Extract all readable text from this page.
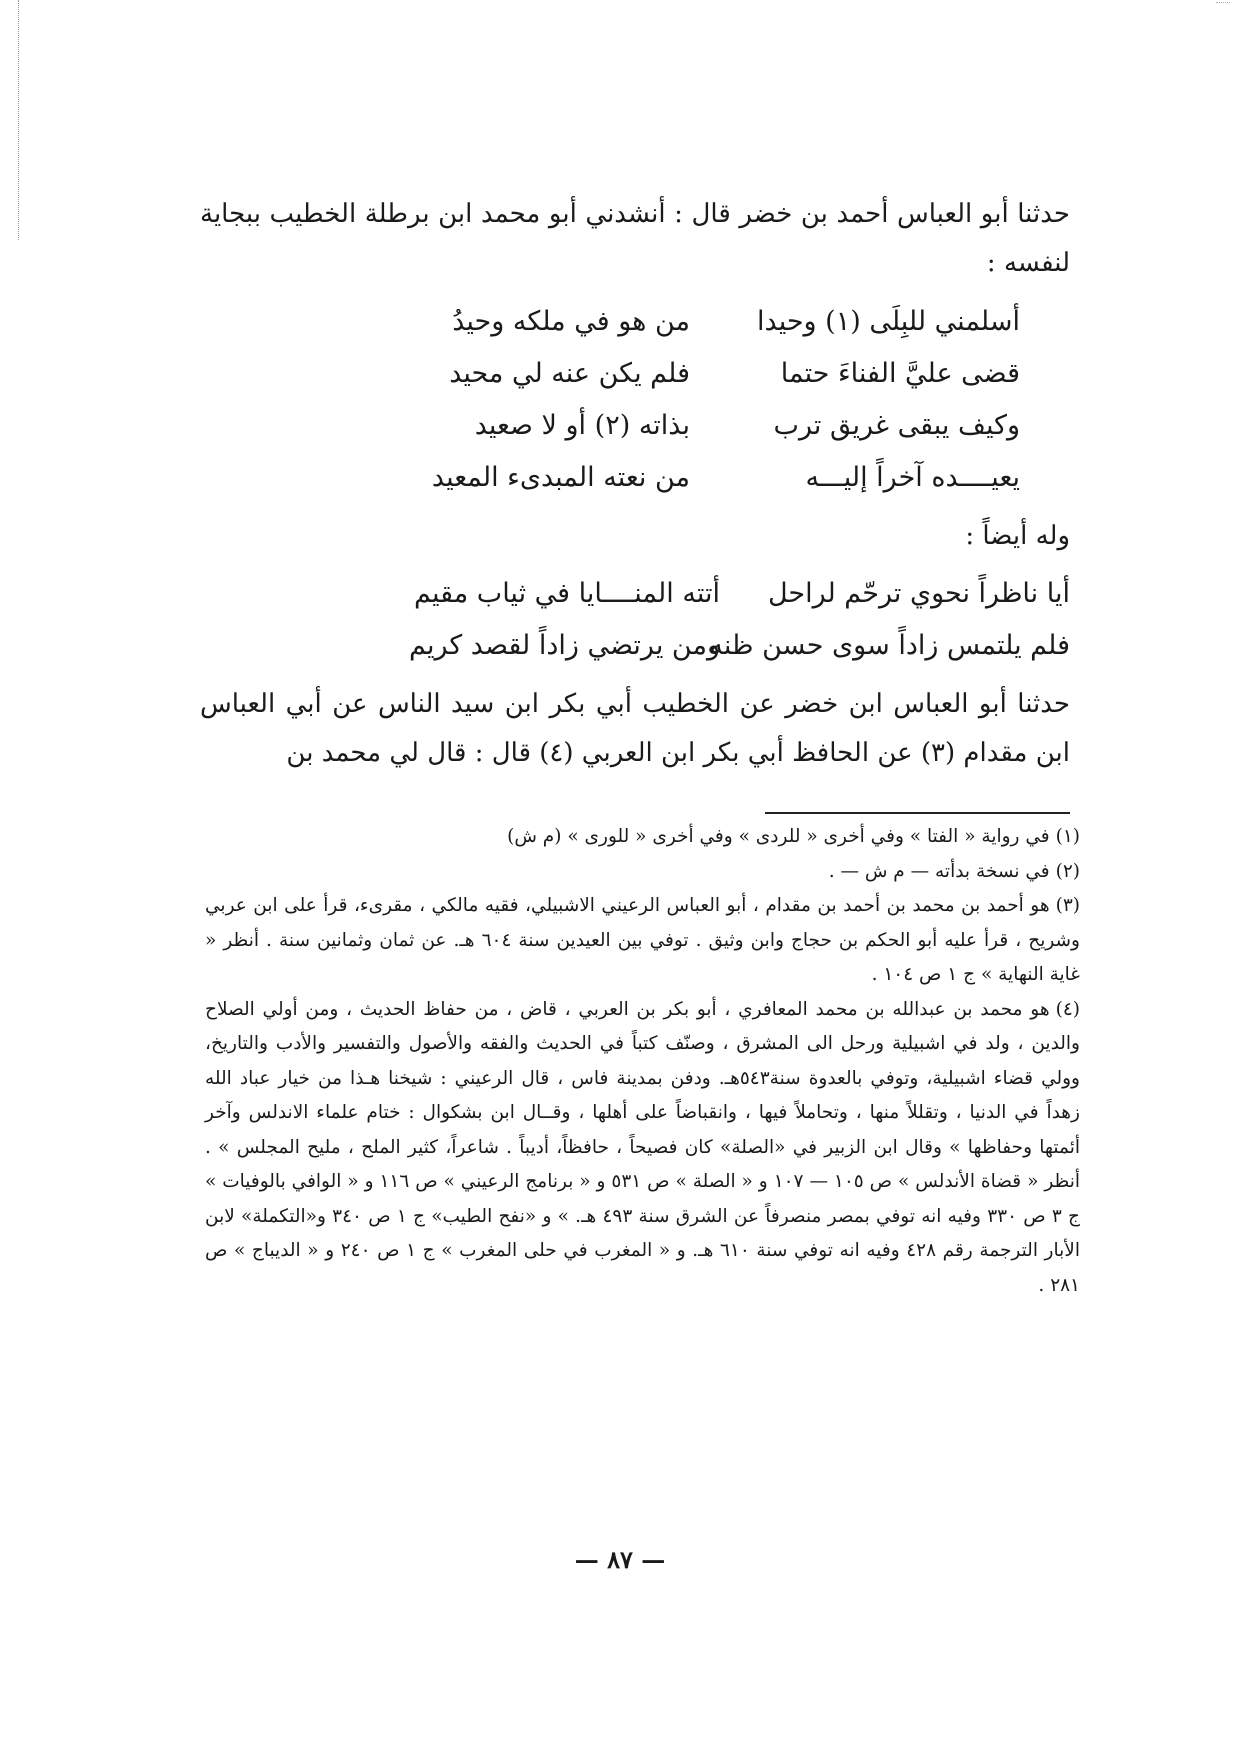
حدثنا أبو العباس أحمد بن خضر قال : أنشدني أبو محمد ابن برطلة الخطيب ببجاية لنفسه :

أسلمني للبِلَى (١) وحيدا
من هو في ملكه وحيدُ
قضى عليَّ الفناءَ حتما
فلم يكن عنه لي محيد
وكيف يبقى غريق ترب
بذاته (٢) أو لا صعيد
يعيــــده آخراً إليـــه
من نعته المبدىء المعيد

وله أيضاً :

أيا ناظراً نحوي ترحّم لراحل
أتته المنــــايا في ثياب مقيم
فلم يلتمس زاداً سوى حسن ظنه
ومن يرتضي زاداً لقصد كريم

حدثنا أبو العباس ابن خضر عن الخطيب أبي بكر ابن سيد الناس عن أبي العباس ابن مقدام (٣) عن الحافظ أبي بكر ابن العربي (٤) قال : قال لي محمد بن

(١)في رواية « الفتا » وفي أخرى « للردى » وفي أخرى « للورى » (م ش)

(٢)في نسخة بدأته — م ش — .

(٣)هو أحمد بن محمد بن أحمد بن مقدام ، أبو العباس الرعيني الاشبيلي، فقيه مالكي ، مقرىء، قرأ على ابن عربي وشريح ، قرأ عليه أبو الحكم بن حجاج وابن وثيق . توفي بين العيدين سنة ٦٠٤ هـ. عن ثمان وثمانين سنة . أنظر « غاية النهاية » ج ١ ص ١٠٤ .

(٤)هو محمد بن عبدالله بن محمد المعافري ، أبو بكر بن العربي ، قاض ، من حفاظ الحديث ، ومن أولي الصلاح والدين ، ولد في اشبيلية ورحل الى المشرق ، وصنّف كتباً في الحديث والفقه والأصول والتفسير والأدب والتاريخ، وولي قضاء اشبيلية، وتوفي بالعدوة سنة٥٤٣هـ. ودفن بمدينة فاس ، قال الرعيني : شيخنا هـذا من خيار عباد الله زهداً في الدنيا ، وتقللاً منها ، وتحاملاً فيها ، وانقباضاً على أهلها ، وقــال ابن بشكوال : ختام علماء الاندلس وآخر أئمتها وحفاظها » وقال ابن الزبير في «الصلة» كان فصيحاً ، حافظاً، أديباً . شاعراً، كثير الملح ، مليح المجلس » . أنظر « قضاة الأندلس » ص ١٠٥ — ١٠٧ و « الصلة » ص ٥٣١ و « برنامج الرعيني » ص ١١٦ و « الوافي بالوفيات » ج ٣ ص ٣٣٠ وفيه انه توفي بمصر منصرفاً عن الشرق سنة ٤٩٣ هـ. » و «نفح الطيب» ج ١ ص ٣٤٠ و«التكملة» لابن الأبار الترجمة رقم ٤٢٨ وفيه انه توفي سنة ٦١٠ هـ. و « المغرب في حلى المغرب » ج ١ ص ٢٤٠ و « الديباج » ص ٢٨١ .

— ٨٧ —
